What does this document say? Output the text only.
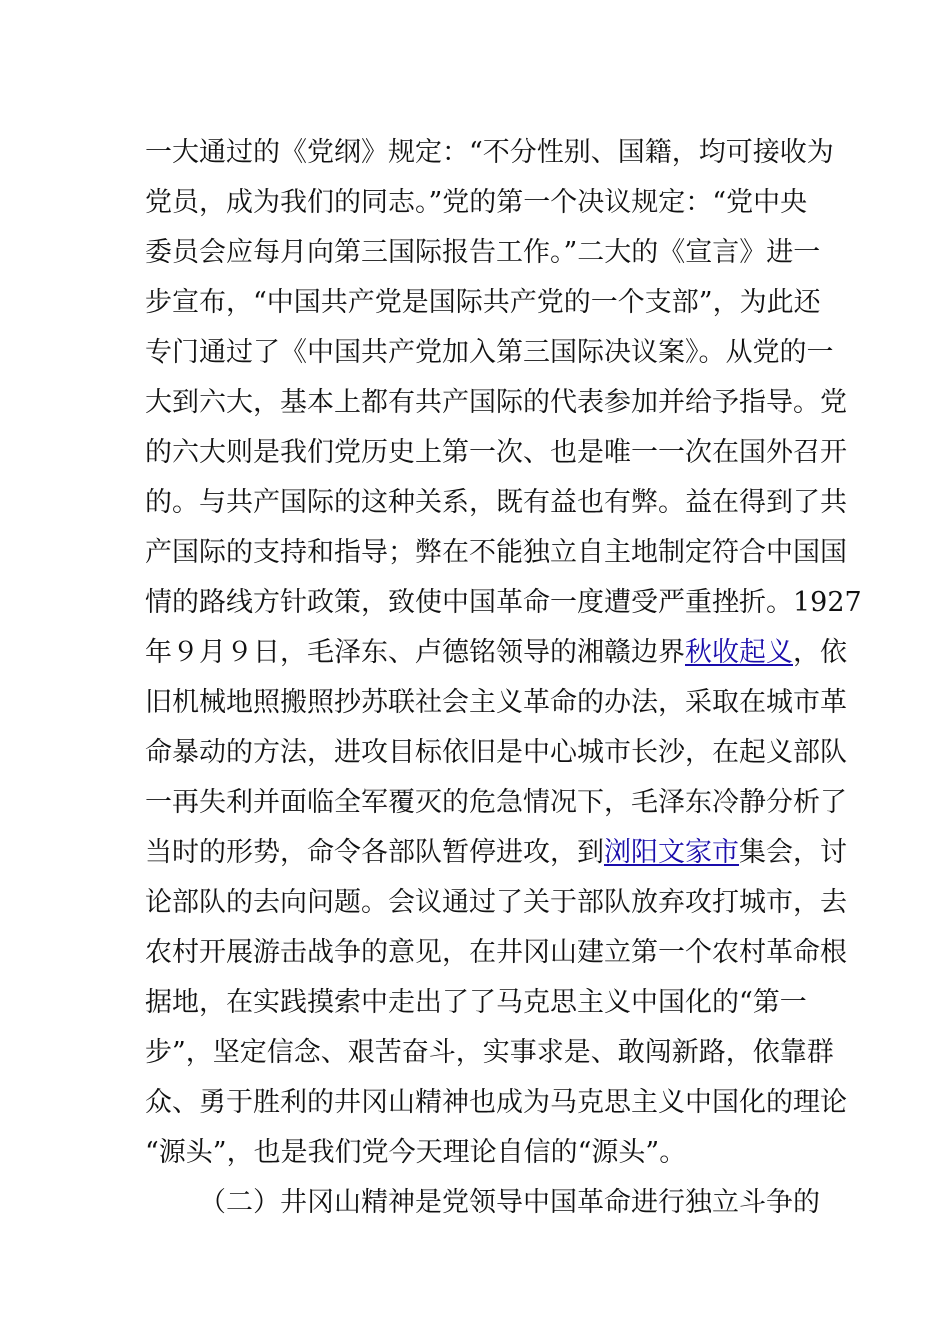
一大通过的《党纲》规定：“不分性别、国籍，均可接收为
党员，成为我们的同志。”党的第一个决议规定：“党中央
委员会应每月向第三国际报告工作。”二大的《宣言》进一
步宣布，“中国共产党是国际共产党的一个支部”，为此还
专门通过了《中国共产党加入第三国际决议案》。从党的一
大到六大，基本上都有共产国际的代表参加并给予指导。党
的六大则是我们党历史上第一次、也是唯一一次在国外召开
的。与共产国际的这种关系，既有益也有弊。益在得到了共
产国际的支持和指导；弊在不能独立自主地制定符合中国国
情的路线方针政策，致使中国革命一度遭受严重挫折。1927
年９月９日，毛泽东、卢德铭领导的湘赣边界秋收起义，依
旧机械地照搬照抄苏联社会主义革命的办法，采取在城市革
命暴动的方法，进攻目标依旧是中心城市长沙，在起义部队
一再失利并面临全军覆灭的危急情况下，毛泽东冷静分析了
当时的形势，命令各部队暂停进攻，到浏阳文家市集会，讨
论部队的去向问题。会议通过了关于部队放弃攻打城市，去
农村开展游击战争的意见，在井冈山建立第一个农村革命根
据地，在实践摸索中走出了了马克思主义中国化的“第一
步”，坚定信念、艰苦奋斗，实事求是、敢闯新路，依靠群
众、勇于胜利的井冈山精神也成为马克思主义中国化的理论
“源头”，也是我们党今天理论自信的“源头”。
（二）井冈山精神是党领导中国革命进行独立斗争的
